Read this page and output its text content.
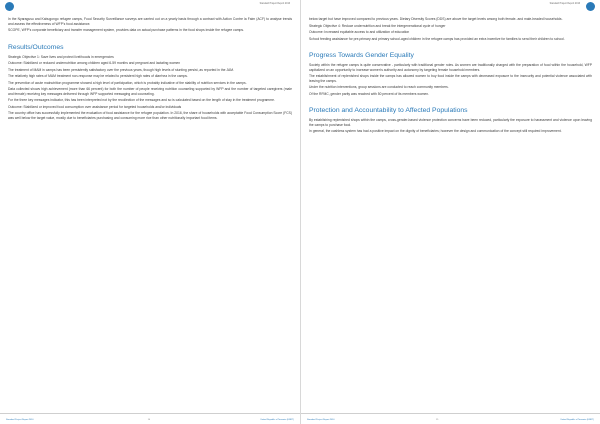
Standard Project Report 2016

In the Nyaragusu and Kabugongo refugee camps, Food Security Surveillance surveys are carried out on a yearly basis through a contract with Action Contre la Faim (ACF) to analyse trends and assess the effectiveness of WFP's food assistance.

SCOPE, WFP's corporate beneficiary and transfer management system, provides data on actual purchase patterns in the food shops inside the refugee camps.

Results/Outcomes

Strategic Objective 1: Save lives and protect livelihoods in emergencies

Outcome: Stabilized or reduced undernutrition among children aged 6-59 months and pregnant and lactating women

The treatment of MAM in camps has been persistently satisfactory over the previous years, though high levels of stunting persist, as reported in the JAM.

The relatively high rates of MAM treatment non-response may be related to persistent high rates of diarrhea in the camps.

The prevention of acute malnutrition programme showed a high level of participation, which is probably indicative of the stability of nutrition services in the camps.

Data collected shows high achievement (more than 66 percent) for both the number of people receiving nutrition counseling supported by WFP and the number of targeted caregivers (male and female) receiving key messages delivered through WFP supported messaging and counseling.

For the three key messages indicator, this has been interpreted not by the recollection of the messages and so is calculated based on the length of stay in the treatment programme.

Outcome: Stabilized or improved food consumption over assistance period for targeted households and/or individuals

The country office has successfully implemented the evaluation of food assistance for the refugee population. In 2016, the share of households with acceptable Food Consumption Score (FCS) was well below the target value, mostly due to beneficiaries purchasing and consuming more rice than other nutritionally important food items.

Standard Project Report 2016	14	United Republic of Tanzania (UNRT)
Standard Project Report 2016

below target but have improved compared to previous years. Dietary Diversity Scores (DDS) are above the target levels among both female- and male-headed households.

Strategic Objective 4: Reduce undernutrition and break the intergenerational cycle of hunger

Outcome: Increased equitable access to and utilization of education

School feeding assistance for pre-primary and primary school-aged children in the refugee camps has provided an extra incentive for families to send their children to school.

Progress Towards Gender Equality

Society within the refugee camps is quite conservative - particularly with traditional gender roles. As women are traditionally charged with the preparation of food within the household, WFP capitalized on an opportunity to increase women's authority and autonomy by targeting female household members.

The establishment of replenished shops inside the camps has allowed women to buy food inside the camps with decreased exposure to the insecurity and potential violence associated with leaving the camps.

Under the nutrition interventions, group sessions are conducted to reach community members.

Of the RFMC, gender parity was reached with 50 percent of its members women.

Protection and Accountability to Affected Populations

By establishing replenished shops within the camps, cross-gender-based violence protection concerns have been reduced, particularly the exposure to harassment and violence upon leaving the camps to purchase food.

In general, the cashless system has had a positive impact on the dignity of beneficiaries; however the design and communication of the concept still required improvement.

Standard Project Report 2016	15	United Republic of Tanzania (UNRT)
